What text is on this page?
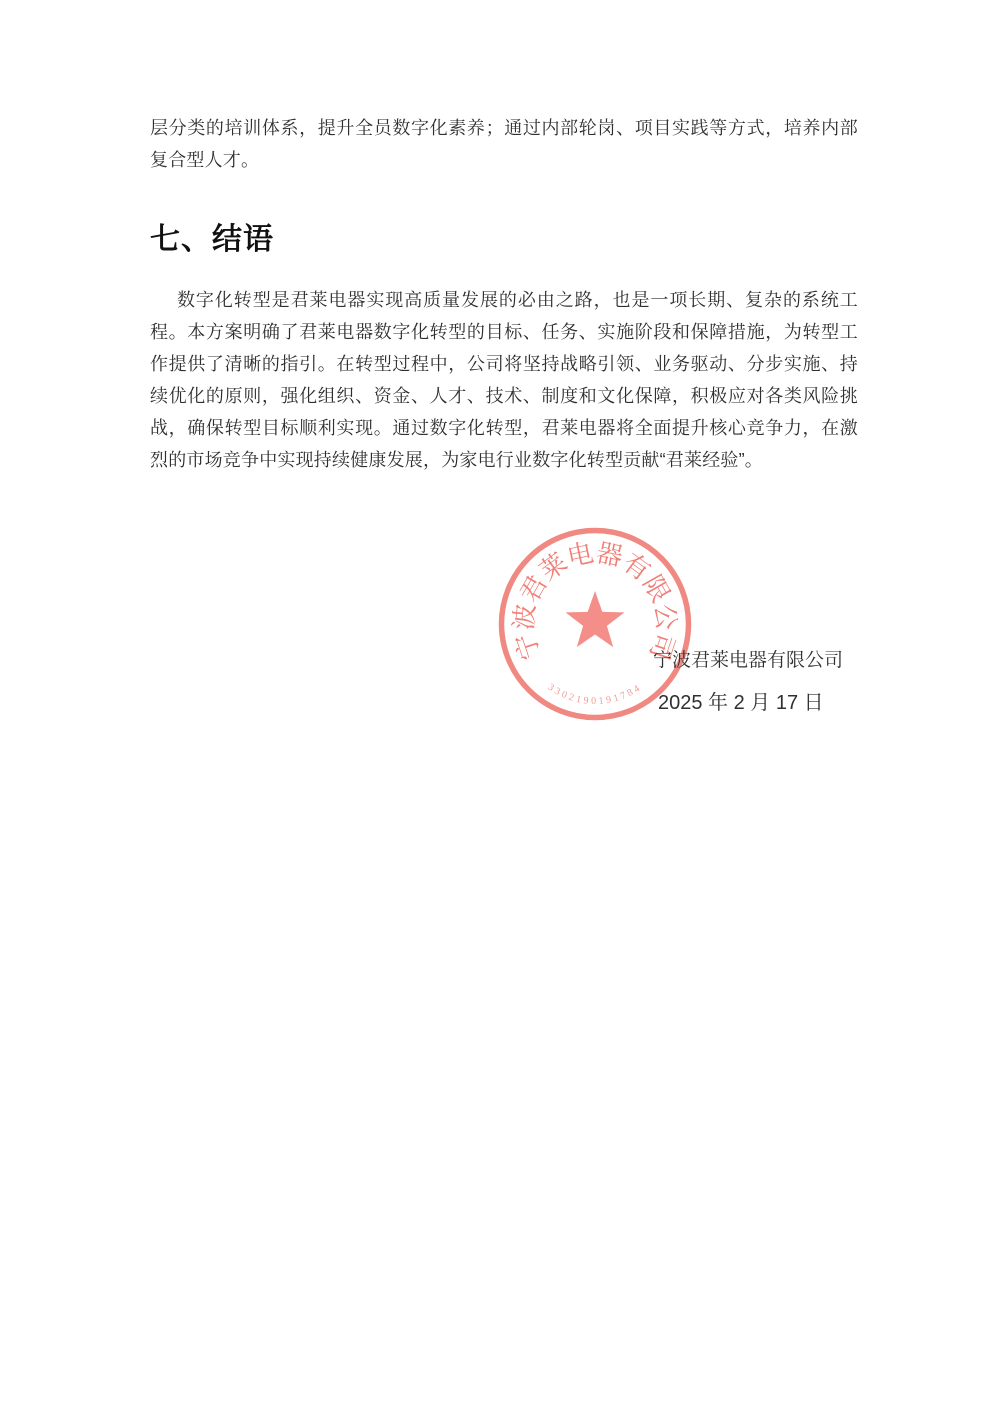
层分类的培训体系，提升全员数字化素养；通过内部轮岗、项目实践等方式，培养内部复合型人才。

七、结语

数字化转型是君莱电器实现高质量发展的必由之路，也是一项长期、复杂的系统工程。本方案明确了君莱电器数字化转型的目标、任务、实施阶段和保障措施，为转型工作提供了清晰的指引。在转型过程中，公司将坚持战略引领、业务驱动、分步实施、持续优化的原则，强化组织、资金、人才、技术、制度和文化保障，积极应对各类风险挑战，确保转型目标顺利实现。通过数字化转型，君莱电器将全面提升核心竞争力，在激烈的市场竞争中实现持续健康发展，为家电行业数字化转型贡献“君莱经验”。

宁波君莱电器有限公司
3302190191784
宁波君莱电器有限公司
2025 年 2 月 17 日
